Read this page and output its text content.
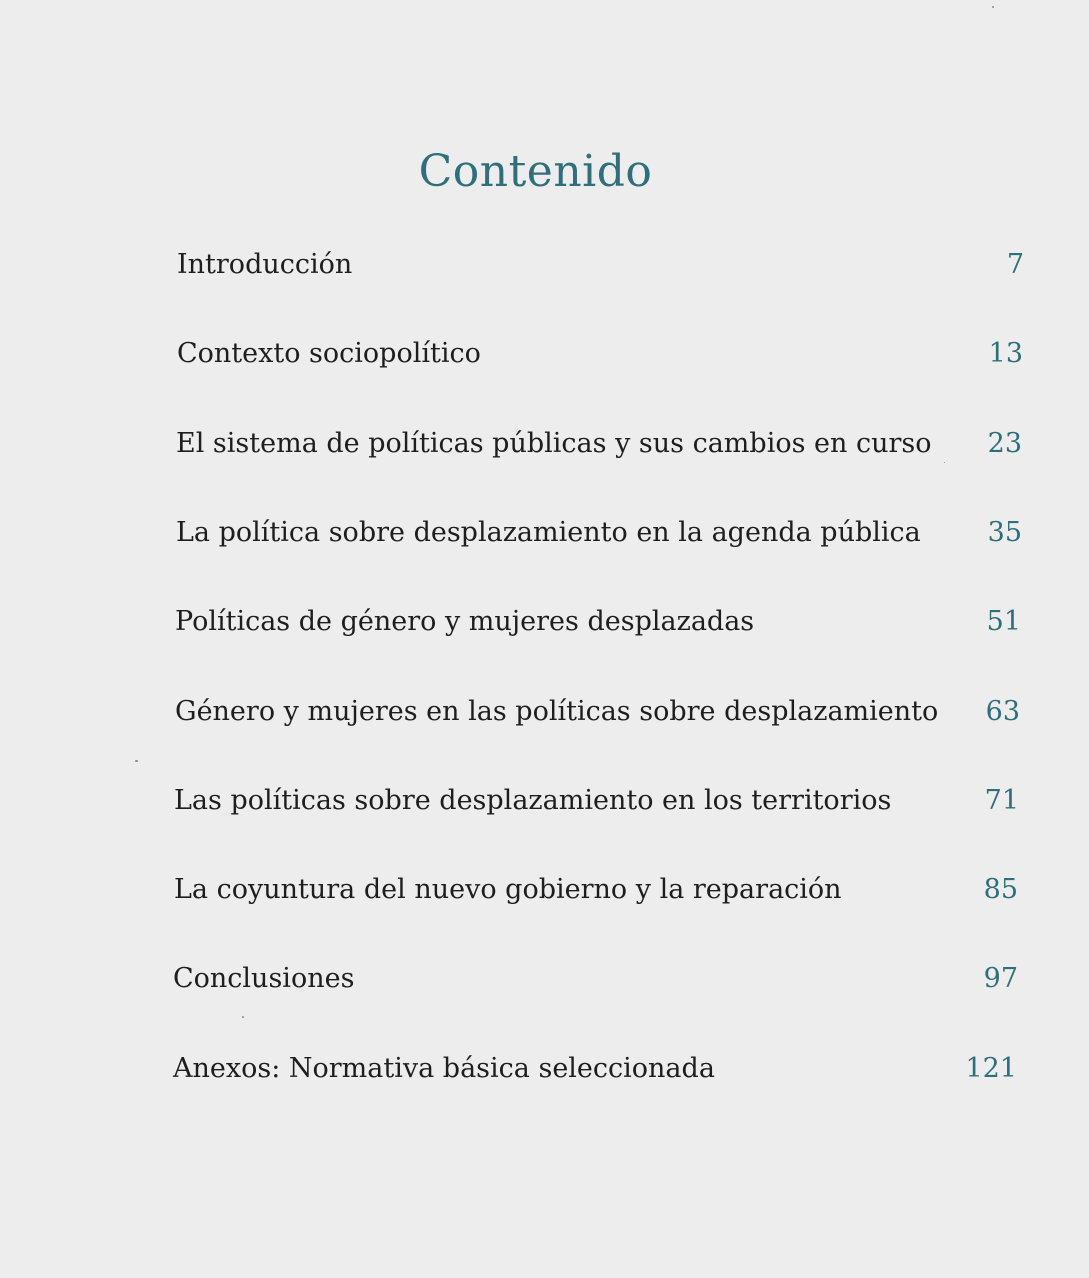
Contenido
Introducción	7
Contexto sociopolítico	13
El sistema de políticas públicas y sus cambios en curso	23
La política sobre desplazamiento en la agenda pública	35
Políticas de género y mujeres desplazadas	51
Género y mujeres en las políticas sobre desplazamiento	63
Las políticas sobre desplazamiento en los territorios	71
La coyuntura del nuevo gobierno y la reparación	85
Conclusiones	97
Anexos: Normativa básica seleccionada	121
